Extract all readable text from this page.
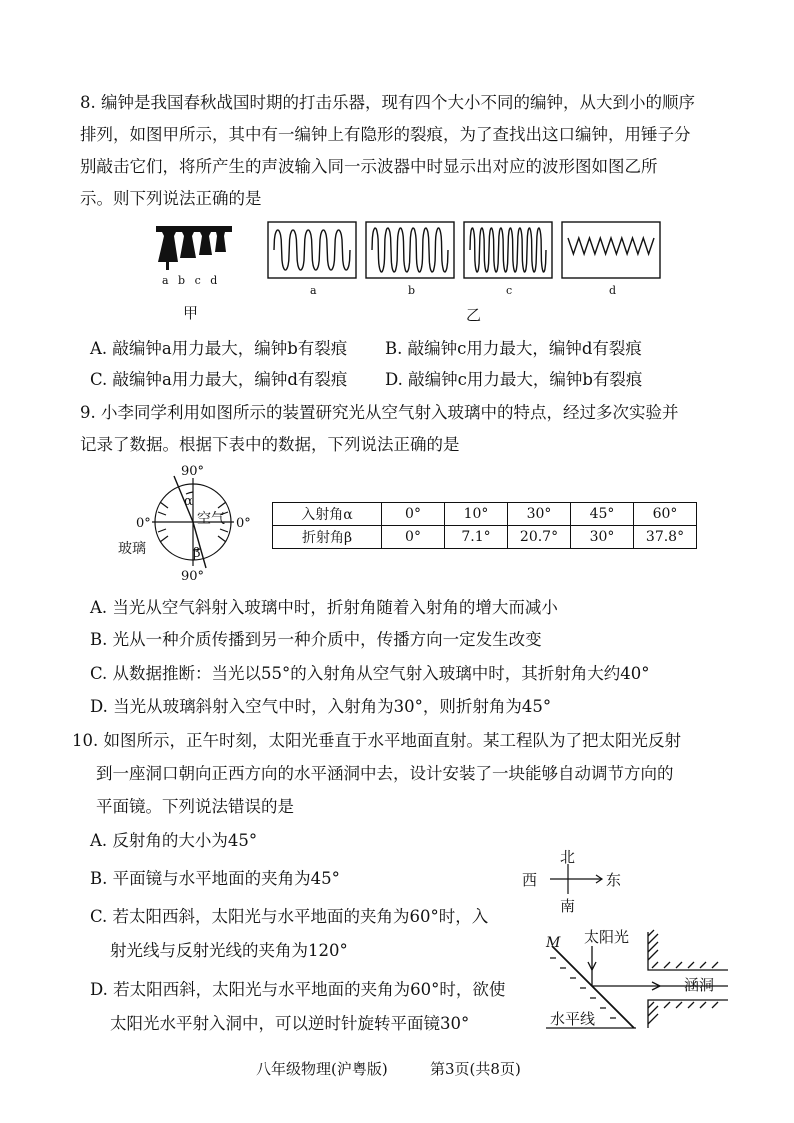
8. 编钟是我国春秋战国时期的打击乐器，现有四个大小不同的编钟，从大到小的顺序
排列，如图甲所示，其中有一编钟上有隐形的裂痕，为了查找出这口编钟，用锤子分
别敲击它们，将所产生的声波输入同一示波器中时显示出对应的波形图如图乙所
示。则下列说法正确的是
a b c d
甲
a	b	c	d
乙
A. 敲编钟a用力最大，编钟b有裂痕 B. 敲编钟c用力最大，编钟d有裂痕
C. 敲编钟a用力最大，编钟d有裂痕 D. 敲编钟c用力最大，编钟b有裂痕
9. 小李同学利用如图所示的装置研究光从空气射入玻璃中的特点，经过多次实验并
记录了数据。根据下表中的数据，下列说法正确的是
90°
90°
0°	0°
空气
玻璃
α
β
入射角α	0°	10°	30°	45°	60°
折射角β	0°	7.1°	20.7°	30°	37.8°
A. 当光从空气斜射入玻璃中时，折射角随着入射角的增大而减小
B. 光从一种介质传播到另一种介质中，传播方向一定发生改变
C. 从数据推断：当光以55°的入射角从空气射入玻璃中时，其折射角大约40°
D. 当光从玻璃斜射入空气中时，入射角为30°，则折射角为45°
10. 如图所示，正午时刻，太阳光垂直于水平地面直射。某工程队为了把太阳光反射
到一座洞口朝向正西方向的水平涵洞中去，设计安装了一块能够自动调节方向的
平面镜。下列说法错误的是
A. 反射角的大小为45°
B. 平面镜与水平地面的夹角为45°
C. 若太阳西斜，太阳光与水平地面的夹角为60°时，入
射光线与反射光线的夹角为120°
D. 若太阳西斜，太阳光与水平地面的夹角为60°时，欲使
太阳光水平射入洞中，可以逆时针旋转平面镜30°
北
南
西	东
M 太阳光
涵洞
水平线
八年级物理(沪粤版)	第3页(共8页)
